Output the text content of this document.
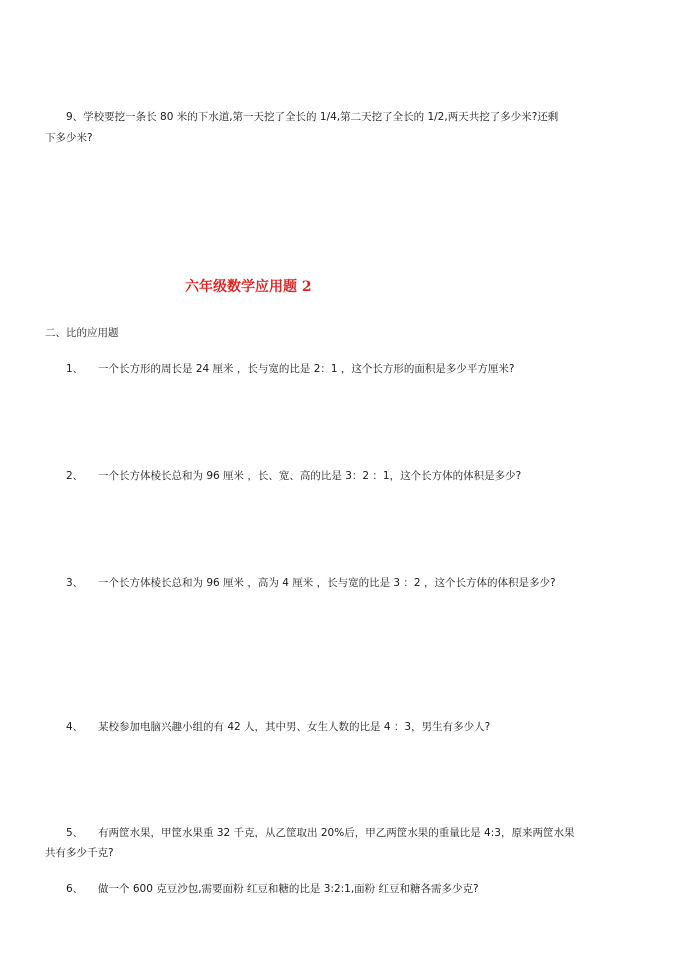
9、学校要挖一条长 80 米的下水道,第一天挖了全长的 1/4,第二天挖了全长的 1/2,两天共挖了多少米?还剩

下多少米?

六年级数学应用题 2

二、比的应用题

1、 一个长方形的周长是 24 厘米 ，长与宽的比是 2：1 ，这个长方形的面积是多少平方厘米?

2、 一个长方体棱长总和为 96 厘米 ，长、宽、高的比是 3：2 ：1，这个长方体的体积是多少?

3、 一个长方体棱长总和为 96 厘米 ，高为 4 厘米 ，长与宽的比是 3 ：2 ，这个长方体的体积是多少?

4、 某校参加电脑兴趣小组的有 42 人，其中男、女生人数的比是 4 ：3，男生有多少人?

5、 有两筐水果，甲筐水果重 32 千克，从乙筐取出 20%后，甲乙两筐水果的重量比是 4:3，原来两筐水果

共有多少千克?

6、 做一个 600 克豆沙包,需要面粉 红豆和糖的比是 3:2:1,面粉 红豆和糖各需多少克?
